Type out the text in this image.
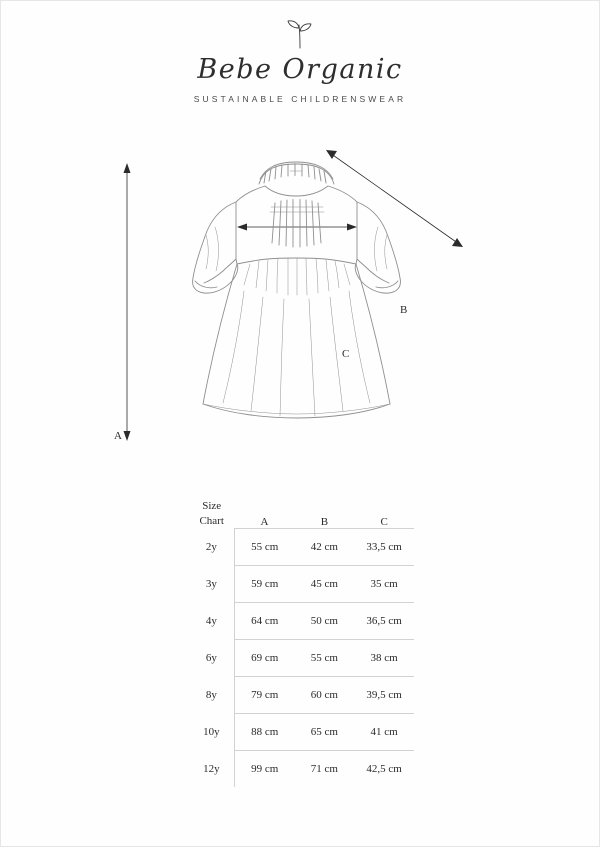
Bebe Organic
SUSTAINABLE CHILDRENSWEAR
A
B
C
Size
Chart	A	B	C
2y	55 cm	42 cm	33,5 cm
3y	59 cm	45 cm	35 cm
4y	64 cm	50 cm	36,5 cm
6y	69 cm	55 cm	38 cm
8y	79 cm	60 cm	39,5 cm
10y	88 cm	65 cm	41 cm
12y	99 cm	71 cm	42,5 cm
